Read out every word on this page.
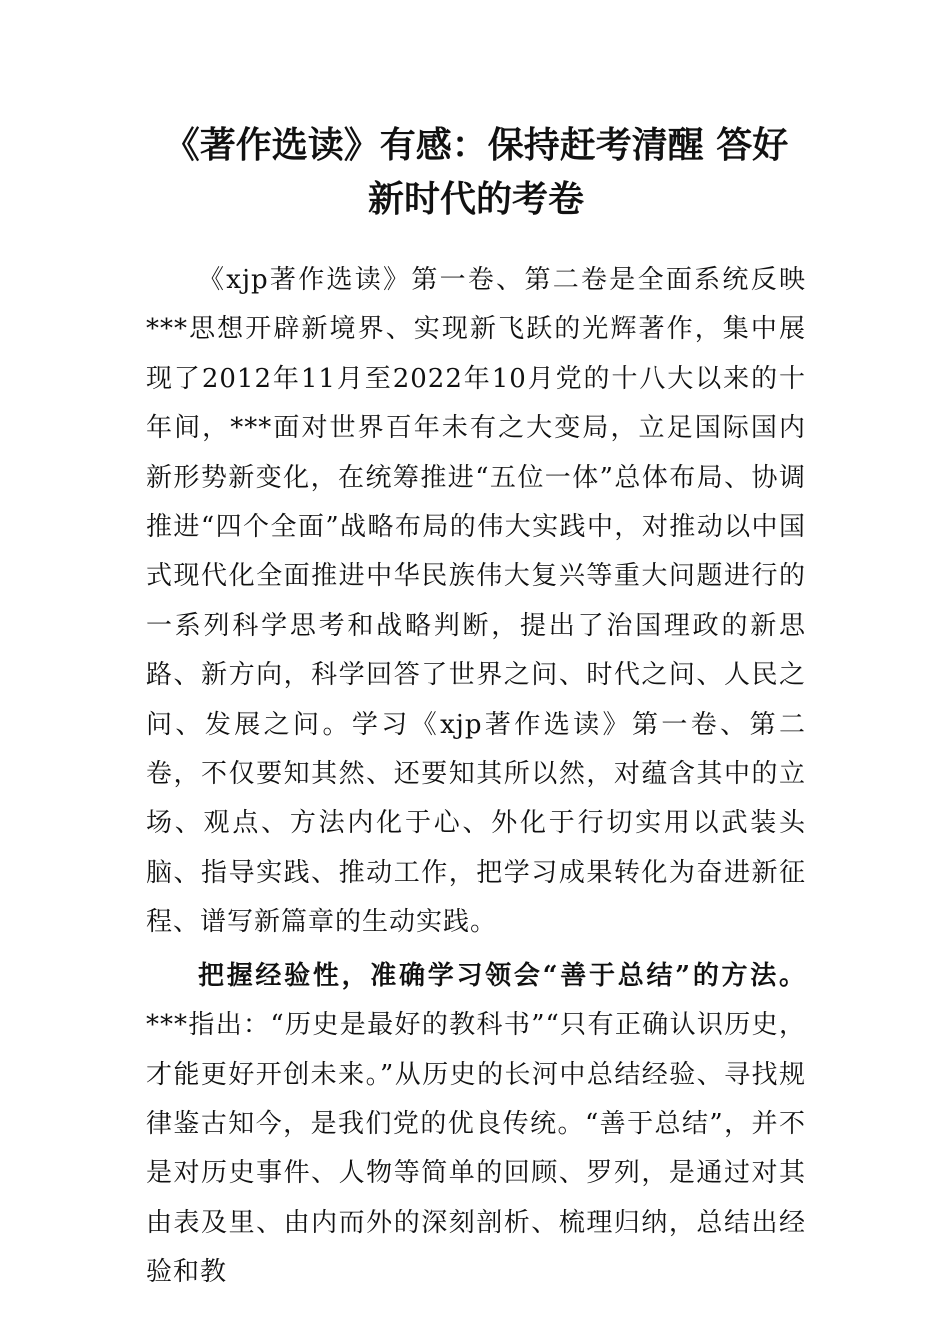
《著作选读》有感：保持赶考清醒 答好新时代的考卷

《xjp著作选读》第一卷、第二卷是全面系统反映***思想开辟新境界、实现新飞跃的光辉著作，集中展现了2012年11月至2022年10月党的十八大以来的十年间，***面对世界百年未有之大变局，立足国际国内新形势新变化，在统筹推进“五位一体”总体布局、协调推进“四个全面”战略布局的伟大实践中，对推动以中国式现代化全面推进中华民族伟大复兴等重大问题进行的一系列科学思考和战略判断，提出了治国理政的新思路、新方向，科学回答了世界之问、时代之问、人民之问、发展之问。学习《xjp著作选读》第一卷、第二卷，不仅要知其然、还要知其所以然，对蕴含其中的立场、观点、方法内化于心、外化于行切实用以武装头脑、指导实践、推动工作，把学习成果转化为奋进新征程、谱写新篇章的生动实践。

把握经验性，准确学习领会“善于总结”的方法。***指出：“历史是最好的教科书”“只有正确认识历史，才能更好开创未来。”从历史的长河中总结经验、寻找规律鉴古知今，是我们党的优良传统。“善于总结”，并不是对历史事件、人物等简单的回顾、罗列，是通过对其由表及里、由内而外的深刻剖析、梳理归纳，总结出经验和教
